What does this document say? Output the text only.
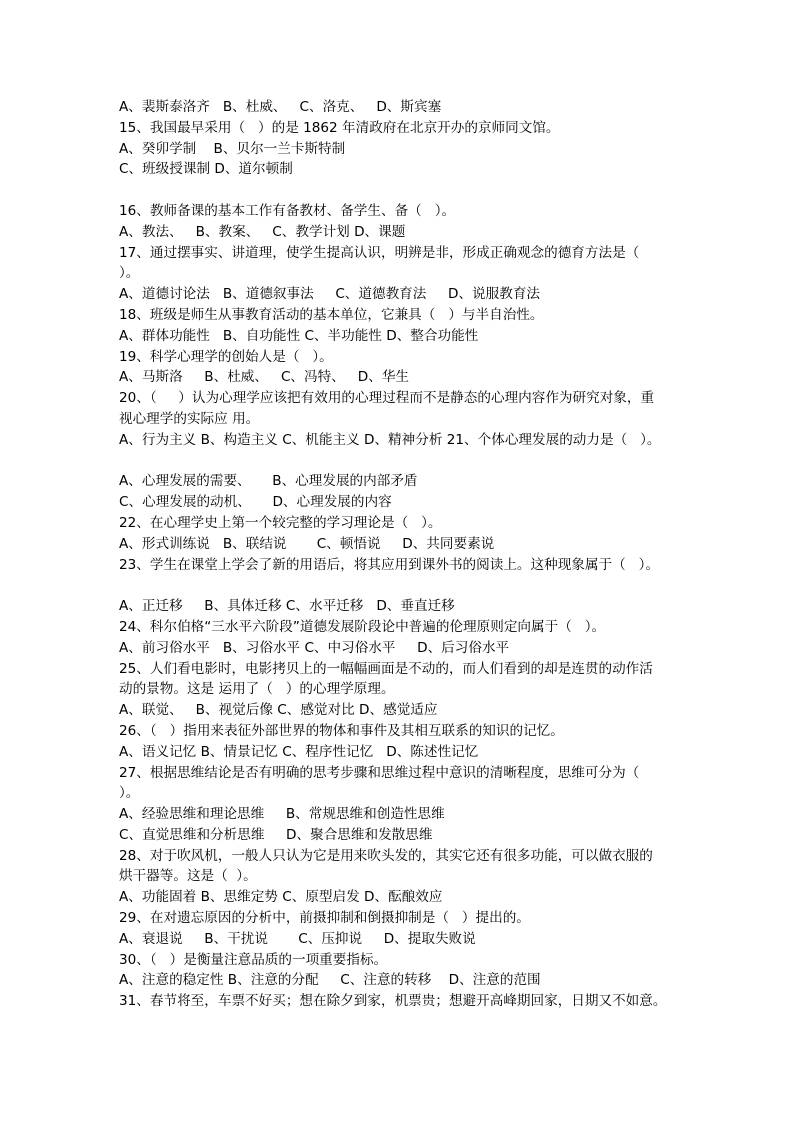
A、裴斯泰洛齐   B、杜威、   C、洛克、   D、斯宾塞
15、我国最早采用（   ）的是 1862 年清政府在北京开办的京师同文馆。
A、癸卯学制    B、贝尔一兰卡斯特制
C、班级授课制 D、道尔顿制
16、教师备课的基本工作有备教材、备学生、备（   ）。
A、教法、   B、教案、   C、教学计划 D、课题
17、通过摆事实、讲道理，使学生提高认识，明辨是非，形成正确观念的德育方法是（
）。
A、道德讨论法   B、道德叙事法     C、道德教育法     D、说服教育法
18、班级是师生从事教育活动的基本单位，它兼具（   ）与半自治性。
A、群体功能性   B、自功能性 C、半功能性 D、整合功能性
19、科学心理学的创始人是（   ）。
A、马斯洛     B、杜威、   C、冯特、   D、华生
20、（     ）认为心理学应该把有效用的心理过程而不是静态的心理内容作为研究对象，重
视心理学的实际应 用。
A、行为主义 B、构造主义 C、机能主义 D、精神分析 21、个体心理发展的动力是（   ）。
A、心理发展的需要、     B、心理发展的内部矛盾
C、心理发展的动机、     D、心理发展的内容
22、在心理学史上第一个较完整的学习理论是（   ）。
A、形式训练说   B、联结说       C、顿悟说     D、共同要素说
23、学生在课堂上学会了新的用语后，将其应用到课外书的阅读上。这种现象属于（   ）。
A、正迁移     B、具体迁移 C、水平迁移   D、垂直迁移
24、科尔伯格“三水平六阶段”道德发展阶段论中普遍的伦理原则定向属于（   ）。
A、前习俗水平   B、习俗水平 C、中习俗水平     D、后习俗水平
25、人们看电影时，电影拷贝上的一幅幅画面是不动的，而人们看到的却是连贯的动作活
动的景物。这是 运用了（   ）的心理学原理。
A、联觉、   B、视觉后像 C、感觉对比 D、感觉适应
26、（   ）指用来表征外部世界的物体和事件及其相互联系的知识的记忆。
A、语义记忆 B、情景记忆 C、程序性记忆   D、陈述性记忆
27、根据思维结论是否有明确的思考步骤和思维过程中意识的清晰程度，思维可分为（
）。
A、经验思维和理论思维     B、常规思维和创造性思维
C、直觉思维和分析思维     D、聚合思维和发散思维
28、对于吹风机，一般人只认为它是用来吹头发的，其实它还有很多功能，可以做衣服的
烘干器等。这是（  ）。
A、功能固着 B、思维定势 C、原型启发 D、酝酿效应
29、在对遗忘原因的分析中，前摄抑制和倒摄抑制是（   ）提出的。
A、衰退说     B、干扰说       C、压抑说     D、提取失败说
30、（   ）是衡量注意品质的一项重要指标。
A、注意的稳定性 B、注意的分配     C、注意的转移    D、注意的范围
31、春节将至，车票不好买；想在除夕到家，机票贵；想避开高峰期回家，日期又不如意。
